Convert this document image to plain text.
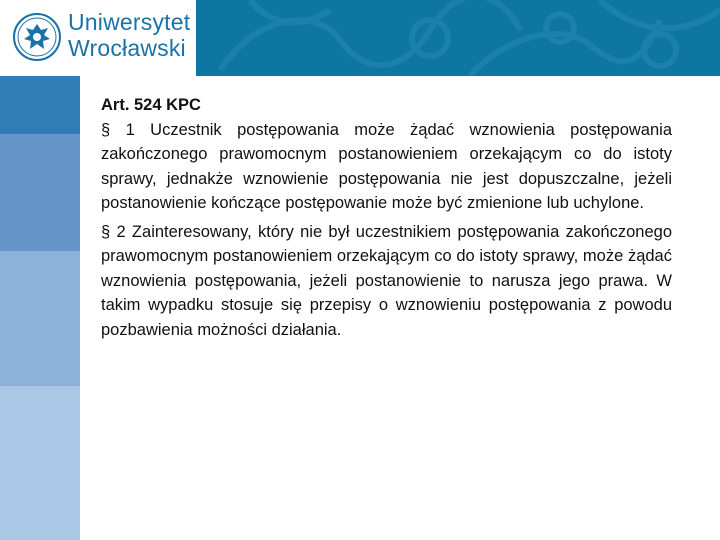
Uniwersytet
Wrocławski

Art. 524 KPC

§ 1 Uczestnik postępowania może żądać wznowienia postępowania zakończonego prawomocnym postanowieniem orzekającym co do istoty sprawy, jednakże wznowienie postępowania nie jest dopuszczalne, jeżeli postanowienie kończące postępowanie może być zmienione lub uchylone.

§ 2 Zainteresowany, który nie był uczestnikiem postępowania zakończonego prawomocnym postanowieniem orzekającym co do istoty sprawy, może żądać wznowienia postępowania, jeżeli postanowienie to narusza jego prawa. W takim wypadku stosuje się przepisy o wznowieniu postępowania z powodu pozbawienia możności działania.
